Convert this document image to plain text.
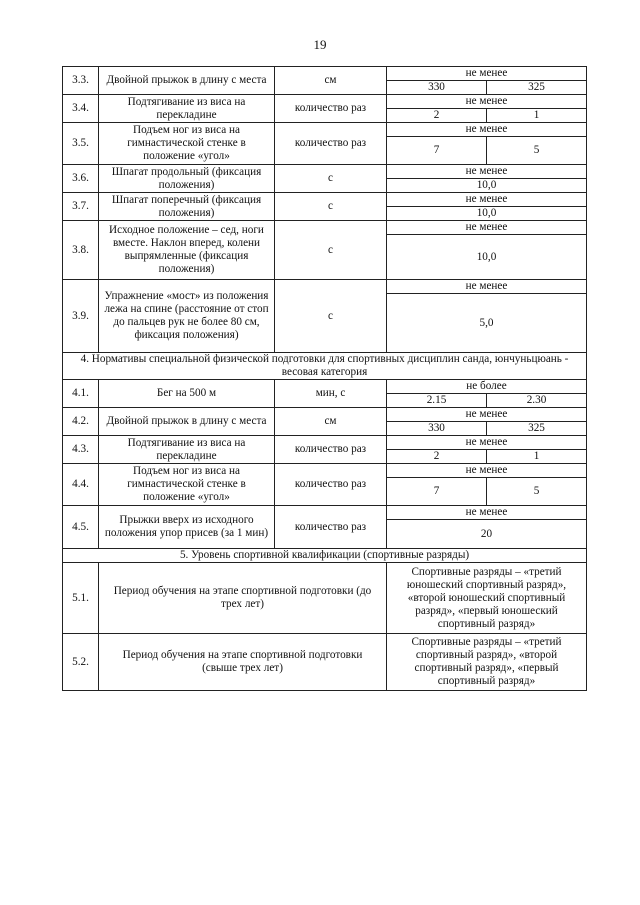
19
3.3.	Двойной прыжок в длину с места	см	не менее	
			330	325
3.4.	Подтягивание из виса на перекладине	количество раз	не менее	
			2	1
3.5.	Подъем ног из виса на гимнастической стенке в положение «угол»	количество раз	не менее	
			7	5
3.6.	Шпагат продольный (фиксация положения)	с	не менее	
			10,0	
3.7.	Шпагат поперечный (фиксация положения)	с	не менее	
			10,0	
3.8.	Исходное положение – сед, ноги вместе. Наклон вперед, колени выпрямленные (фиксация положения)	с	не менее	
			10,0	
3.9.	Упражнение «мост» из положения лежа на спине (расстояние от стоп до пальцев рук не более 80 см, фиксация положения)	с	не менее	
			5,0	
4. Нормативы специальной физической подготовки для спортивных дисциплин санда, юнчуньцюань - весовая категория				
4.1.	Бег на 500 м	мин, с	не более	
			2.15	2.30
4.2.	Двойной прыжок в длину с места	см	не менее	
			330	325
4.3.	Подтягивание из виса на перекладине	количество раз	не менее	
			2	1
4.4.	Подъем ног из виса на гимнастической стенке в положение «угол»	количество раз	не менее	
			7	5
4.5.	Прыжки вверх из исходного положения упор присев (за 1 мин)	количество раз	не менее	
			20	
5. Уровень спортивной квалификации (спортивные разряды)				
5.1.	Период обучения на этапе спортивной подготовки (до трех лет)		Спортивные разряды – «третий юношеский спортивный разряд», «второй юношеский спортивный разряд», «первый юношеский спортивный разряд»	
5.2.	Период обучения на этапе спортивной подготовки (свыше трех лет)		Спортивные разряды – «третий спортивный разряд», «второй спортивный разряд», «первый спортивный разряд»	
